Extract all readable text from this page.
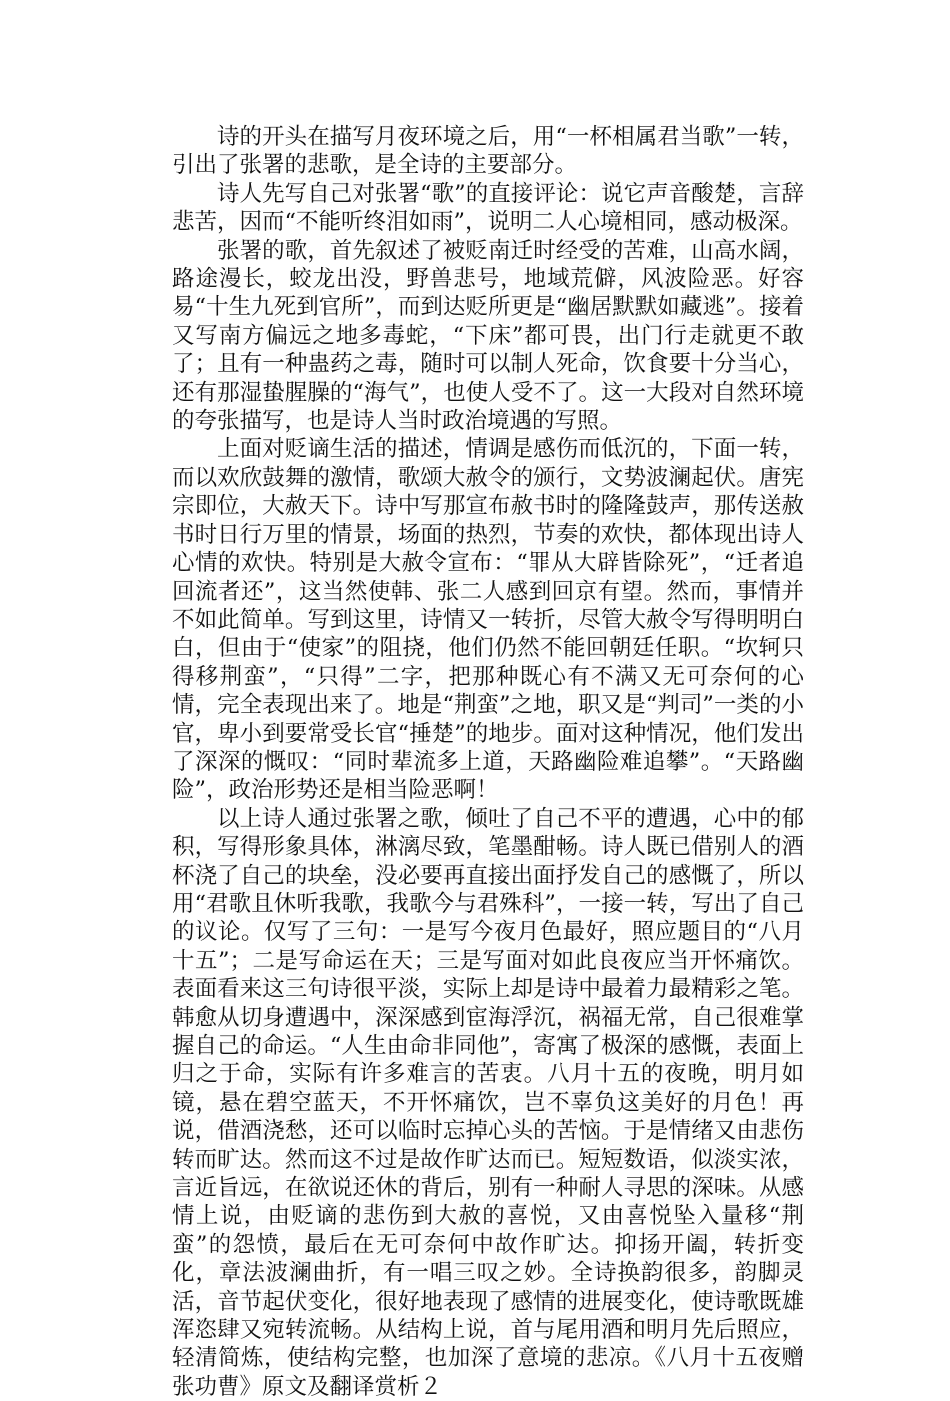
诗的开头在描写月夜环境之后，用“一杯相属君当歌”一转，引出了张署的悲歌，是全诗的主要部分。

诗人先写自己对张署“歌”的直接评论：说它声音酸楚，言辞悲苦，因而“不能听终泪如雨”，说明二人心境相同，感动极深。

张署的歌，首先叙述了被贬南迁时经受的苦难，山高水阔，路途漫长，蛟龙出没，野兽悲号，地域荒僻，风波险恶。好容易“十生九死到官所”，而到达贬所更是“幽居默默如藏逃”。接着又写南方偏远之地多毒蛇，“下床”都可畏，出门行走就更不敢了；且有一种蛊药之毒，随时可以制人死命，饮食要十分当心，还有那湿蛰腥臊的“海气”，也使人受不了。这一大段对自然环境的夸张描写，也是诗人当时政治境遇的写照。

上面对贬谪生活的描述，情调是感伤而低沉的，下面一转，而以欢欣鼓舞的激情，歌颂大赦令的颁行，文势波澜起伏。唐宪宗即位，大赦天下。诗中写那宣布赦书时的隆隆鼓声，那传送赦书时日行万里的情景，场面的热烈，节奏的欢快，都体现出诗人心情的欢快。特别是大赦令宣布：“罪从大辟皆除死”，“迁者追回流者还”，这当然使韩、张二人感到回京有望。然而，事情并不如此简单。写到这里，诗情又一转折，尽管大赦令写得明明白白，但由于“使家”的阻挠，他们仍然不能回朝廷任职。“坎轲只得移荆蛮”，“只得”二字，把那种既心有不满又无可奈何的心情，完全表现出来了。地是“荆蛮”之地，职又是“判司”一类的小官，卑小到要常受长官“捶楚”的地步。面对这种情况，他们发出了深深的慨叹：“同时辈流多上道，天路幽险难追攀”。“天路幽险”，政治形势还是相当险恶啊！

以上诗人通过张署之歌，倾吐了自己不平的遭遇，心中的郁积，写得形象具体，淋漓尽致，笔墨酣畅。诗人既已借别人的酒杯浇了自己的块垒，没必要再直接出面抒发自己的感慨了，所以用“君歌且休听我歌，我歌今与君殊科”，一接一转，写出了自己的议论。仅写了三句：一是写今夜月色最好，照应题目的“八月十五”；二是写命运在天；三是写面对如此良夜应当开怀痛饮。表面看来这三句诗很平淡，实际上却是诗中最着力最精彩之笔。韩愈从切身遭遇中，深深感到宦海浮沉，祸福无常，自己很难掌握自己的命运。“人生由命非同他”，寄寓了极深的感慨，表面上归之于命，实际有许多难言的苦衷。八月十五的夜晚，明月如镜，悬在碧空蓝天，不开怀痛饮，岂不辜负这美好的月色！再说，借酒浇愁，还可以临时忘掉心头的苦恼。于是情绪又由悲伤转而旷达。然而这不过是故作旷达而已。短短数语，似淡实浓，言近旨远，在欲说还休的背后，别有一种耐人寻思的深味。从感情上说，由贬谪的悲伤到大赦的喜悦，又由喜悦坠入量移“荆蛮”的怨愤，最后在无可奈何中故作旷达。抑扬开阖，转折变化，章法波澜曲折，有一唱三叹之妙。全诗换韵很多，韵脚灵活，音节起伏变化，很好地表现了感情的进展变化，使诗歌既雄浑恣肆又宛转流畅。从结构上说，首与尾用酒和明月先后照应，轻清简炼，使结构完整，也加深了意境的悲凉。《八月十五夜赠张功曹》原文及翻译赏析２
